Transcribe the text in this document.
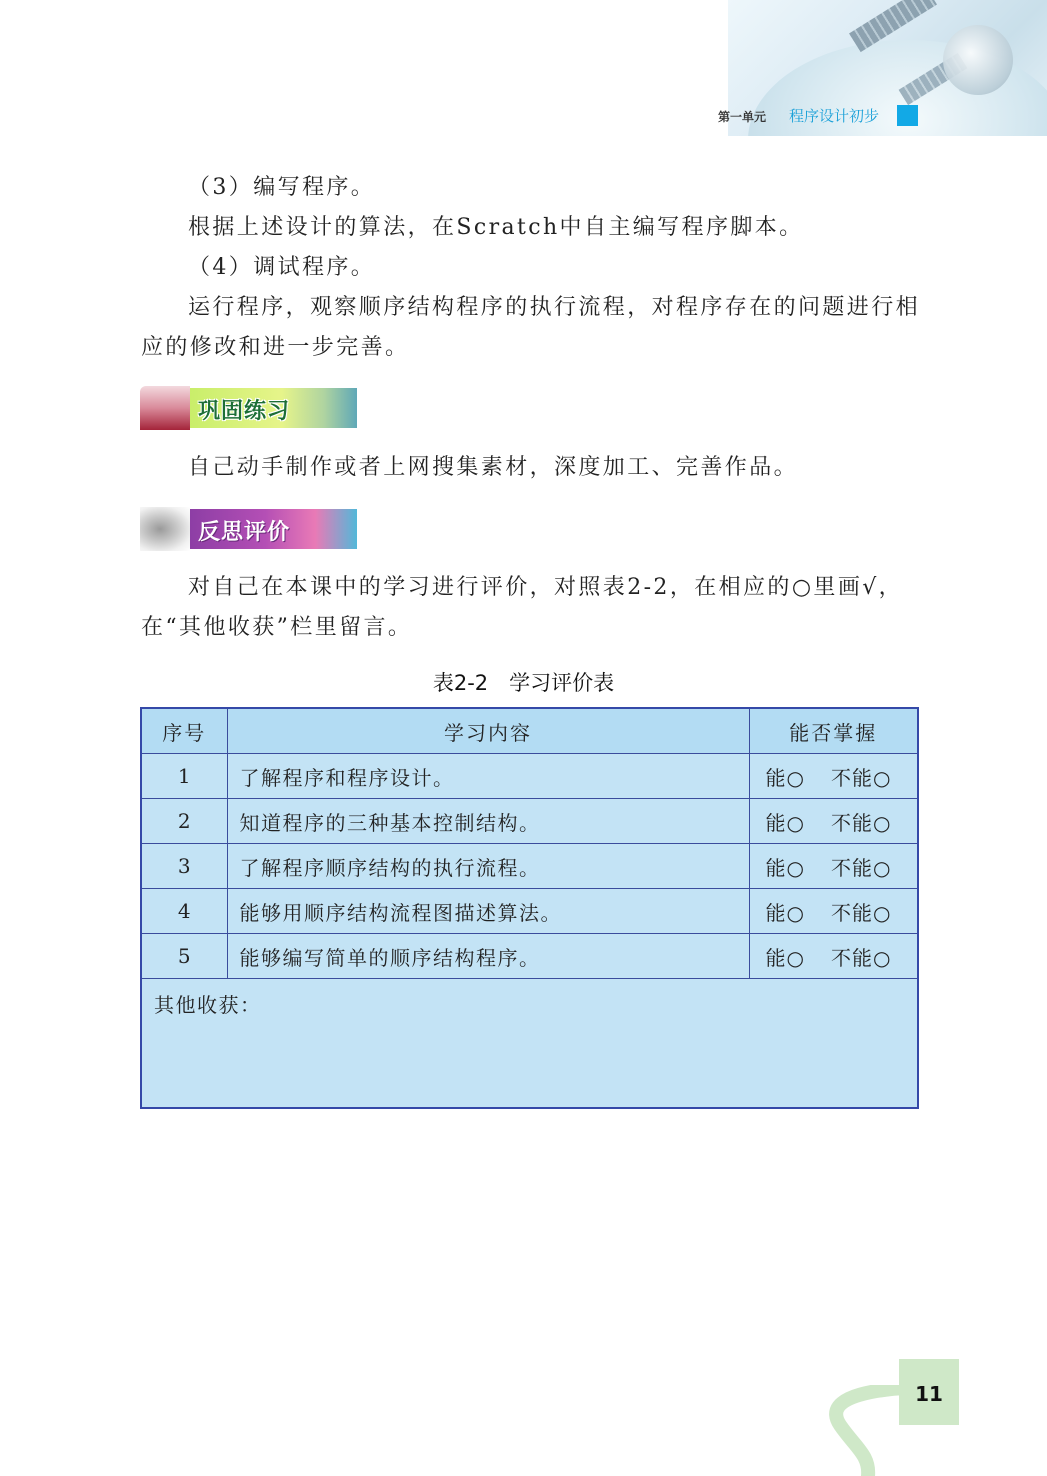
第一单元 程序设计初步
（3）编写程序。
根据上述设计的算法，在Scratch中自主编写程序脚本。
（4）调试程序。
运行程序，观察顺序结构程序的执行流程，对程序存在的问题进行相
应的修改和进一步完善。
巩固练习
自己动手制作或者上网搜集素材，深度加工、完善作品。
反思评价
对自己在本课中的学习进行评价，对照表2-2，在相应的○里画√，
在“其他收获”栏里留言。
表2-2　学习评价表
序号	学习内容	能否掌握
1	了解程序和程序设计。	能○ 不能○
2	知道程序的三种基本控制结构。	能○ 不能○
3	了解程序顺序结构的执行流程。	能○ 不能○
4	能够用顺序结构流程图描述算法。	能○ 不能○
5	能够编写简单的顺序结构程序。	能○ 不能○
其他收获：		
11
